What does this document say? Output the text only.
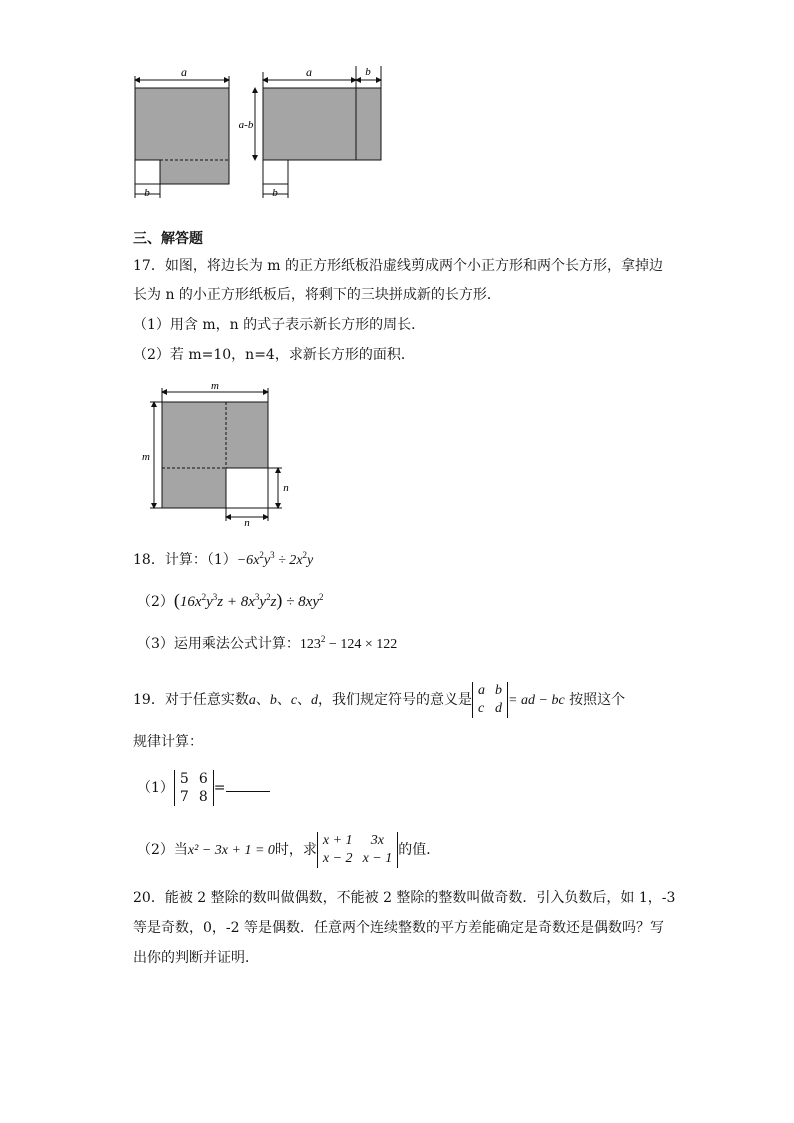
a
b
a	b
a-b
b
三、解答题
17．如图，将边长为 m 的正方形纸板沿虚线剪成两个小正方形和两个长方形，拿掉边
长为 n 的小正方形纸板后，将剩下的三块拼成新的长方形．
（1）用含 m，n 的式子表示新长方形的周长．
（2）若 m=10，n=4，求新长方形的面积．
m
m
n
n
18．计算：$(1)-6x^2y^3 \div 2x^2y$
$(2)(16x^2y^3z + 8x^3y^2z) \div 8xy^2$
（3）运用乘法公式计算：$123^2 - 124 \times 122$
19．对于任意实数a、b、c、d，我们规定符号的意义是a	b
c	d= ad − bc 按照这个
规律计算：
（1）5	6
7	8=
（2）当x² − 3x + 1 = 0时，求x + 1	3x
x − 2	x − 1的值．
20．能被 2 整除的数叫做偶数，不能被 2 整除的整数叫做奇数．引入负数后，如 1，-3
等是奇数，0，-2 等是偶数．任意两个连续整数的平方差能确定是奇数还是偶数吗？写
出你的判断并证明．
